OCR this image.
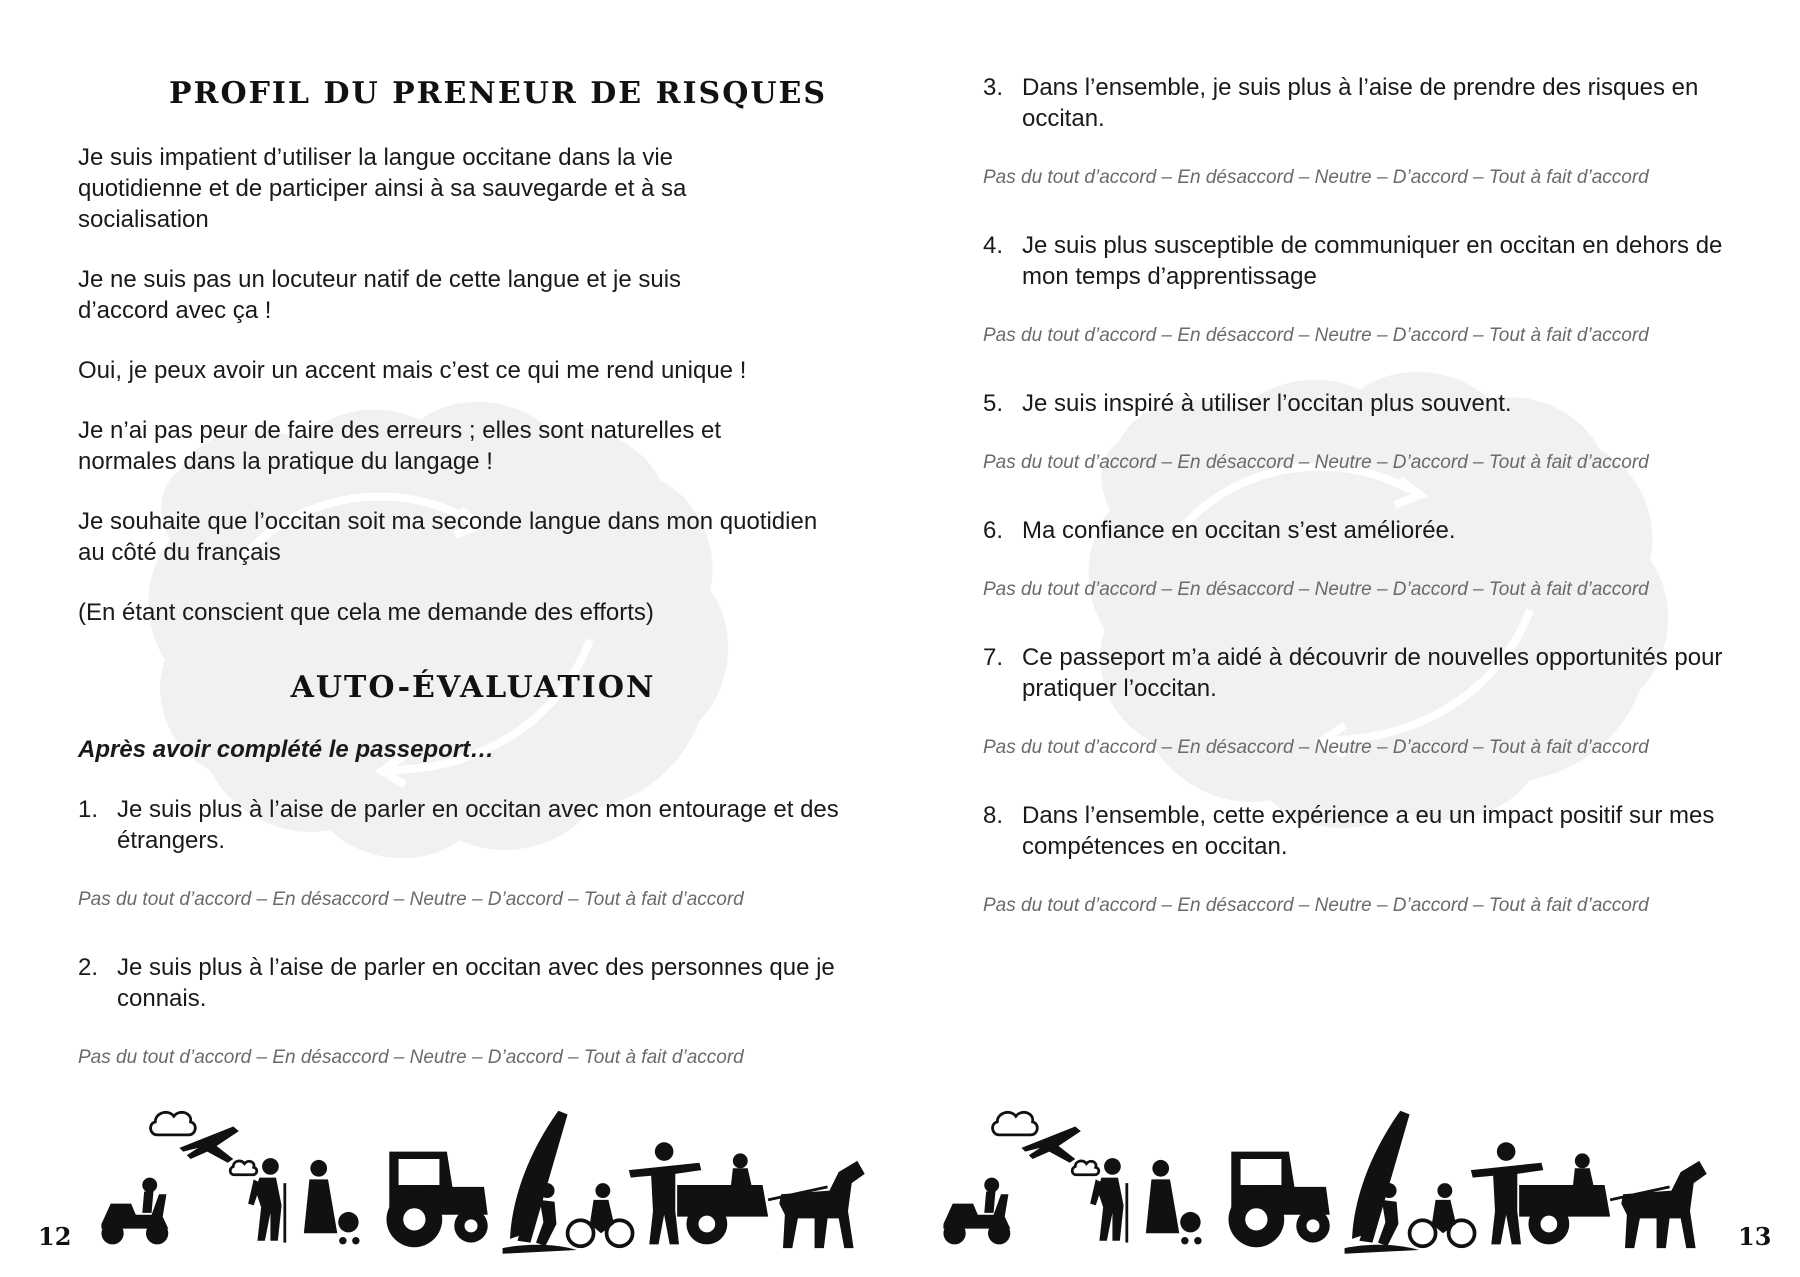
PROFIL DU PRENEUR DE RISQUES
Je suis impatient d’utiliser la langue occitane dans la vie quotidienne et de participer ainsi à sa sauvegarde et à sa socialisation
Je ne suis pas un locuteur natif de cette langue et je suis d’accord avec ça !
Oui, je peux avoir un accent mais c’est ce qui me rend unique !
Je n’ai pas peur de faire des erreurs ; elles sont naturelles et normales dans la pratique du langage !
Je souhaite que l’occitan soit ma seconde langue dans mon quotidien au côté du français
(En étant conscient que cela me demande des efforts)
AUTO-ÉVALUATION
Après avoir complété le passeport…
1. Je suis plus à l’aise de parler en occitan avec mon entourage et des étrangers.
Pas du tout d’accord – En désaccord – Neutre – D’accord – Tout à fait d’accord
2. Je suis plus à l’aise de parler en occitan avec des personnes que je connais.
Pas du tout d’accord – En désaccord – Neutre – D’accord – Tout à fait d’accord
12
3. Dans l’ensemble, je suis plus à l’aise de prendre des risques en occitan.
Pas du tout d’accord – En désaccord – Neutre – D’accord – Tout à fait d’accord
4. Je suis plus susceptible de communiquer en occitan en dehors de mon temps d’apprentissage
Pas du tout d’accord – En désaccord – Neutre – D’accord – Tout à fait d’accord
5. Je suis inspiré à utiliser l’occitan plus souvent.
Pas du tout d’accord – En désaccord – Neutre – D’accord – Tout à fait d’accord
6. Ma confiance en occitan s’est améliorée.
Pas du tout d’accord – En désaccord – Neutre – D’accord – Tout à fait d’accord
7. Ce passeport m’a aidé à découvrir de nouvelles opportunités pour pratiquer l’occitan.
Pas du tout d’accord – En désaccord – Neutre – D’accord – Tout à fait d’accord
8. Dans l’ensemble, cette expérience a eu un impact positif sur mes compétences en occitan.
Pas du tout d’accord – En désaccord – Neutre – D’accord – Tout à fait d’accord
13
